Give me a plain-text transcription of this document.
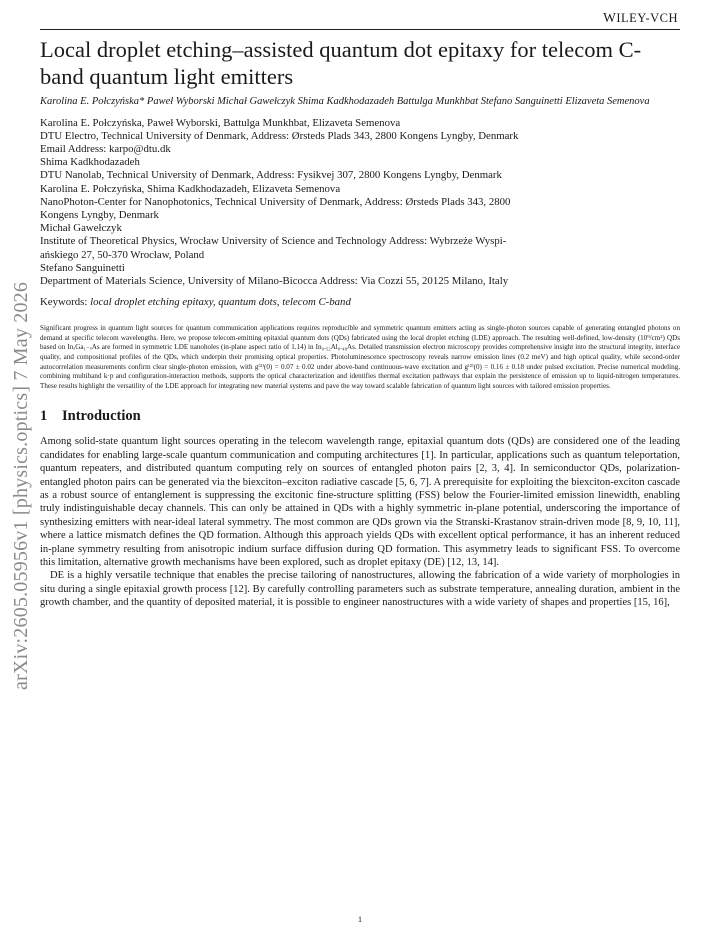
WILEY-VCH
arXiv:2605.05956v1 [physics.optics] 7 May 2026
Local droplet etching–assisted quantum dot epitaxy for telecom C-band quantum light emitters
Karolina E. Połczyńska* Paweł Wyborski Michał Gawełczyk Shima Kadkhodazadeh Battulga Munkhbat Stefano Sanguinetti Elizaveta Semenova
Karolina E. Połczyńska, Paweł Wyborski, Battulga Munkhbat, Elizaveta Semenova
DTU Electro, Technical University of Denmark, Address: Ørsteds Plads 343, 2800 Kongens Lyngby, Denmark
Email Address: karpo@dtu.dk
Shima Kadkhodazadeh
DTU Nanolab, Technical University of Denmark, Address: Fysikvej 307, 2800 Kongens Lyngby, Denmark
Karolina E. Połczyńska, Shima Kadkhodazadeh, Elizaveta Semenova
NanoPhoton-Center for Nanophotonics, Technical University of Denmark, Address: Ørsteds Plads 343, 2800
Kongens Lyngby, Denmark
Michał Gawełczyk
Institute of Theoretical Physics, Wrocław University of Science and Technology Address: Wybrzeże Wyspi-
ańskiego 27, 50-370 Wrocław, Poland
Stefano Sanguinetti
Department of Materials Science, University of Milano-Bicocca Address: Via Cozzi 55, 20125 Milano, Italy
Keywords: local droplet etching epitaxy, quantum dots, telecom C-band
Significant progress in quantum light sources for quantum communication applications requires reproducible and symmetric quantum emitters acting as single-photon sources capable of generating entangled photons on demand at specific telecom wavelengths. Here, we propose telecom-emitting epitaxial quantum dots (QDs) fabricated using the local droplet etching (LDE) approach. The resulting well-defined, low-density (10⁹/cm²) QDs based on InₓGa₁₋ₓAs are formed in symmetric LDE nanoholes (in-plane aspect ratio of 1.14) in In₀.₅₂Al₀.₄₈As. Detailed transmission electron microscopy provides comprehensive insight into the structural integrity, interface quality, and compositional profiles of the QDs, which underpin their promising optical properties. Photoluminescence spectroscopy reveals narrow emission lines (0.2 meV) and high optical quality, while second-order autocorrelation measurements confirm clear single-photon emission, with g⁽²⁾(0) = 0.07 ± 0.02 under above-band continuous-wave excitation and g⁽²⁾(0) = 0.16 ± 0.18 under pulsed excitation. Precise numerical modeling, combining multiband k·p and configuration-interaction methods, supports the optical characterization and identifies thermal excitation pathways that explain the persistence of emission up to liquid-nitrogen temperatures. These results highlight the versatility of the LDE approach for integrating new material systems and pave the way toward scalable fabrication of quantum light sources with tailored emission properties.
1 Introduction

Among solid-state quantum light sources operating in the telecom wavelength range, epitaxial quantum dots (QDs) are considered one of the leading candidates for enabling large-scale quantum communication and computing architectures [1]. In particular, applications such as quantum teleportation, quantum repeaters, and distributed quantum computing rely on sources of entangled photon pairs [2, 3, 4]. In semiconductor QDs, polarization-entangled photon pairs can be generated via the biexciton–exciton radiative cascade [5, 6, 7]. A prerequisite for exploiting the biexciton-exciton cascade as a robust source of entanglement is suppressing the excitonic fine-structure splitting (FSS) below the Fourier-limited emission linewidth, enabling truly indistinguishable decay channels. This can only be attained in QDs with a highly symmetric in-plane potential, underscoring the importance of synthesizing emitters with near-ideal lateral symmetry. The most common are QDs grown via the Stranski-Krastanov strain-driven mode [8, 9, 10, 11], where a lattice mismatch defines the QD formation. Although this approach yields QDs with excellent optical performance, it has an inherent reduced in-plane symmetry resulting from anisotropic indium surface diffusion during QD formation. This asymmetry leads to significant FSS. To overcome this limitation, alternative growth mechanisms have been explored, such as droplet epitaxy (DE) [12, 13, 14].

DE is a highly versatile technique that enables the precise tailoring of nanostructures, allowing the fabrication of a wide variety of morphologies in situ during a single epitaxial growth process [12]. By carefully controlling parameters such as substrate temperature, annealing duration, ambient in the growth chamber, and the quantity of deposited material, it is possible to engineer nanostructures with a wide variety of shapes and properties [15, 16],

1
